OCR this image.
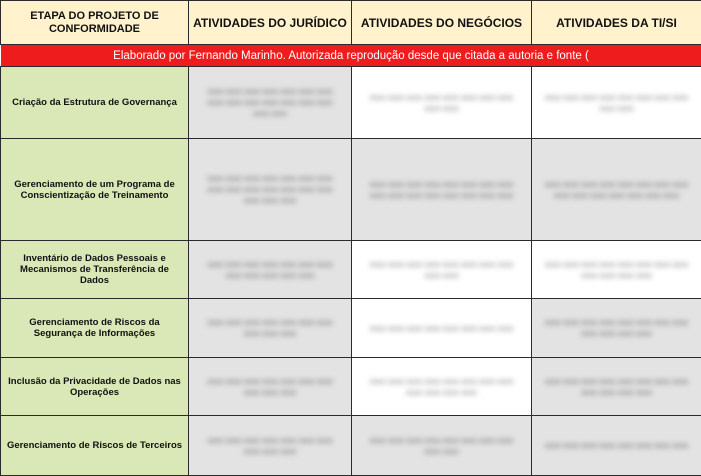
ETAPA DO PROJETO DE CONFORMIDADE	ATIVIDADES DO JURÍDICO	ATIVIDADES DO NEGÓCIOS	ATIVIDADES DA TI/SI
Elaborado por Fernando Marinho. Autorizada reprodução desde que citada a autoria e fonte (			
Criação da Estrutura de Governança	xxxx xxxx xxxx xxxx xxxx xxxx xxxx xxxx xxxx xxxx xxxx xxxx xxxx xxxx xxxx xxxx	xxxx xxxx xxxx xxxx xxxx xxxx xxxx xxxx xxxx xxxx	xxxx xxxx xxxx xxxx xxxx xxxx xxxx xxxx xxxx xxxx

Gerenciamento de um Programa de Conscientização de Treinamento	xxxx xxxx xxxx xxxx xxxx xxxx xxxx xxxx xxxx xxxx xxxx xxxx xxxx xxxx xxxx xxxx xxxx	xxxx xxxx xxxx xxxx xxxx xxxx xxxx xxxx xxxx xxxx xxxx xxxx xxxx xxxx xxxx xxxx	xxxx xxxx xxxx xxxx xxxx xxxx xxxx xxxx xxxx xxxx xxxx xxxx xxxx xxxx xxxx

Inventário de Dados Pessoais e Mecanismos de Transferência de Dados	xxxx xxxx xxxx xxxx xxxx xxxx xxxx xxxx xxxx xxxx xxxx xxxx	xxxx xxxx xxxx xxxx xxxx xxxx xxxx xxxx xxxx xxxx	xxxx xxxx xxxx xxxx xxxx xxxx xxxx xxxx xxxx xxxx xxxx xxxx

Gerenciamento de Riscos da Segurança de Informações	xxxx xxxx xxxx xxxx xxxx xxxx xxxx xxxx xxxx xxxx	xxxx xxxx xxxx xxxx xxxx xxxx xxxx xxxx	xxxx xxxx xxxx xxxx xxxx xxxx xxxx xxxx xxxx xxxx xxxx xxxx

Inclusão da Privacidade de Dados nas Operações	xxxx xxxx xxxx xxxx xxxx xxxx xxxx xxxx xxxx xxxx	xxxx xxxx xxxx xxxx xxxx xxxx xxxx xxxx xxxx xxxx xxxx xxxx	xxxx xxxx xxxx xxxx xxxx xxxx xxxx xxxx xxxx xxxx xxxx xxxx

Gerenciamento de Riscos de Terceiros	xxxx xxxx xxxx xxxx xxxx xxxx xxxx xxxx xxxx xxxx	xxxx xxxx xxxx xxxx xxxx xxxx xxxx xxxx xxxx xxxx	xxxx xxxx xxxx xxxx xxxx xxxx xxxx xxxx
